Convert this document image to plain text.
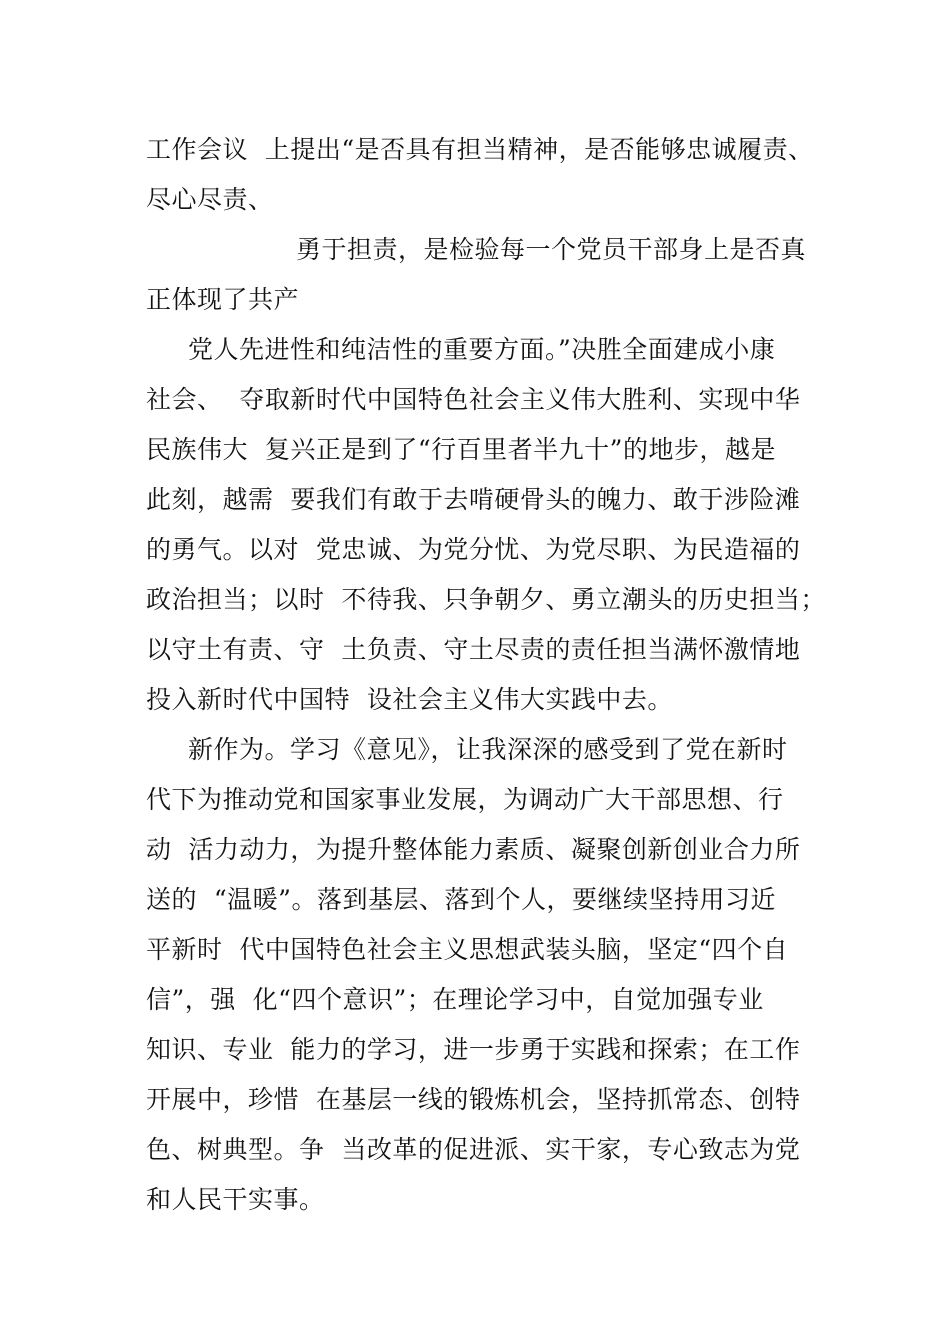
工作会议  上提出“是否具有担当精神，是否能够忠诚履责、
尽心尽责、
勇于担责，是检验每一个党员干部身上是否真
正体现了共产
党人先进性和纯洁性的重要方面。”决胜全面建成小康
社会、  夺取新时代中国特色社会主义伟大胜利、实现中华
民族伟大  复兴正是到了“行百里者半九十”的地步，越是
此刻，越需  要我们有敢于去啃硬骨头的魄力、敢于涉险滩
的勇气。以对  党忠诚、为党分忧、为党尽职、为民造福的
政治担当；以时  不待我、只争朝夕、勇立潮头的历史担当；
以守土有责、守  土负责、守土尽责的责任担当满怀激情地
投入新时代中国特  设社会主义伟大实践中去。
新作为。学习《意见》，让我深深的感受到了党在新时
代下为推动党和国家事业发展，为调动广大干部思想、行
动  活力动力，为提升整体能力素质、凝聚创新创业合力所
送的  “温暖”。落到基层、落到个人，要继续坚持用习近
平新时  代中国特色社会主义思想武装头脑，坚定“四个自
信”，强  化“四个意识”；在理论学习中，自觉加强专业
知识、专业  能力的学习，进一步勇于实践和探索；在工作
开展中，珍惜  在基层一线的锻炼机会，坚持抓常态、创特
色、树典型。争  当改革的促进派、实干家，专心致志为党
和人民干实事。
